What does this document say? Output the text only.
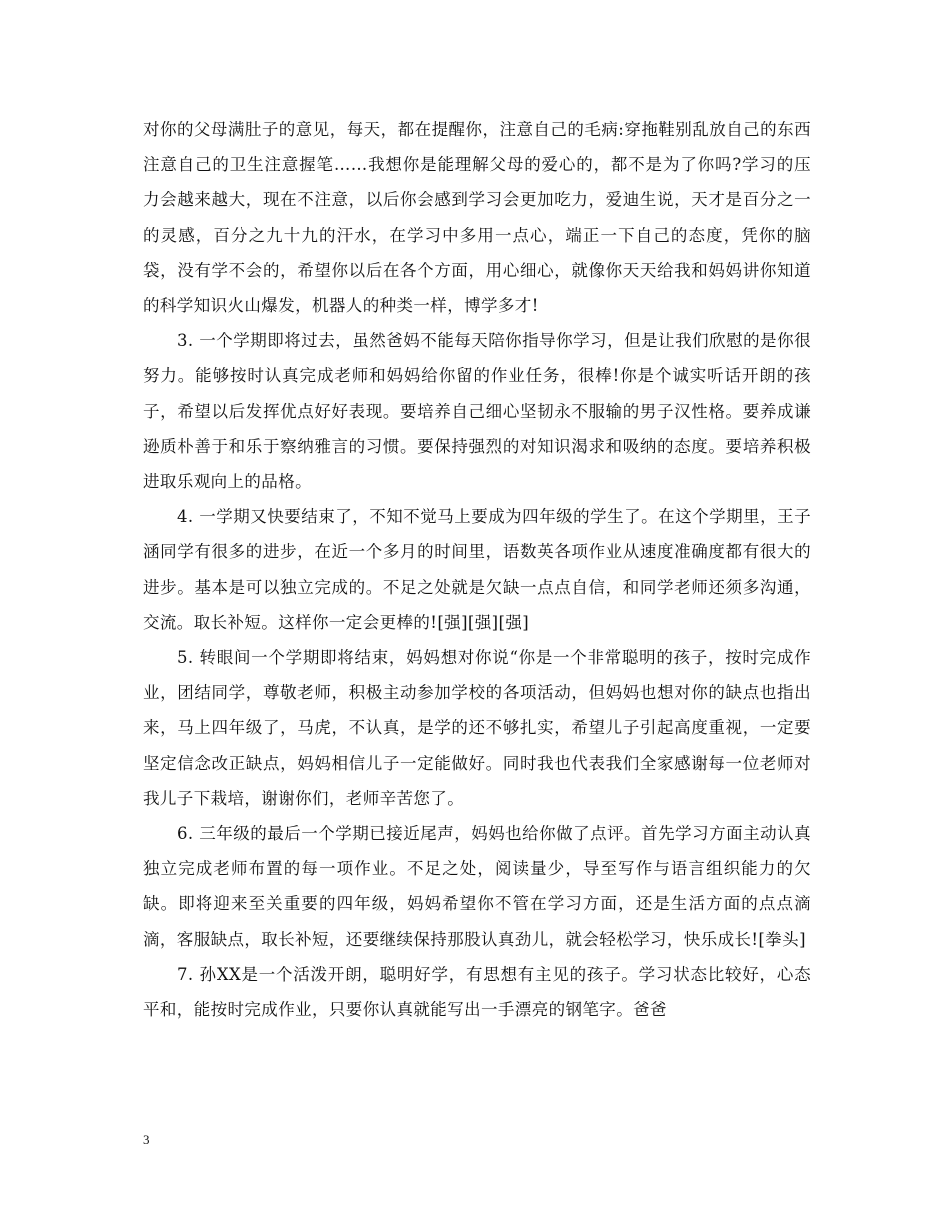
对你的父母满肚子的意见，每天，都在提醒你，注意自己的毛病:穿拖鞋别乱放自己的东西注意自己的卫生注意握笔……我想你是能理解父母的爱心的，都不是为了你吗?学习的压力会越来越大，现在不注意，以后你会感到学习会更加吃力，爱迪生说，天才是百分之一的灵感，百分之九十九的汗水，在学习中多用一点心，端正一下自己的态度，凭你的脑袋，没有学不会的，希望你以后在各个方面，用心细心，就像你天天给我和妈妈讲你知道的科学知识火山爆发，机器人的种类一样，博学多才!

3. 一个学期即将过去，虽然爸妈不能每天陪你指导你学习，但是让我们欣慰的是你很努力。能够按时认真完成老师和妈妈给你留的作业任务，很棒!你是个诚实听话开朗的孩子，希望以后发挥优点好好表现。要培养自己细心坚韧永不服输的男子汉性格。要养成谦逊质朴善于和乐于察纳雅言的习惯。要保持强烈的对知识渴求和吸纳的态度。要培养积极进取乐观向上的品格。

4. 一学期又快要结束了，不知不觉马上要成为四年级的学生了。在这个学期里，王子涵同学有很多的进步，在近一个多月的时间里，语数英各项作业从速度准确度都有很大的进步。基本是可以独立完成的。不足之处就是欠缺一点点自信，和同学老师还须多沟通，交流。取长补短。这样你一定会更棒的![强][强][强]

5. 转眼间一个学期即将结束，妈妈想对你说“你是一个非常聪明的孩子，按时完成作业，团结同学，尊敬老师，积极主动参加学校的各项活动，但妈妈也想对你的缺点也指出来，马上四年级了，马虎，不认真，是学的还不够扎实，希望儿子引起高度重视，一定要坚定信念改正缺点，妈妈相信儿子一定能做好。同时我也代表我们全家感谢每一位老师对我儿子下栽培，谢谢你们，老师辛苦您了。

6. 三年级的最后一个学期已接近尾声，妈妈也给你做了点评。首先学习方面主动认真独立完成老师布置的每一项作业。不足之处，阅读量少，导至写作与语言组织能力的欠缺。即将迎来至关重要的四年级，妈妈希望你不管在学习方面，还是生活方面的点点滴滴，客服缺点，取长补短，还要继续保持那股认真劲儿，就会轻松学习，快乐成长![拳头]

7. 孙XX是一个活泼开朗，聪明好学，有思想有主见的孩子。学习状态比较好，心态平和，能按时完成作业，只要你认真就能写出一手漂亮的钢笔字。爸爸

3
